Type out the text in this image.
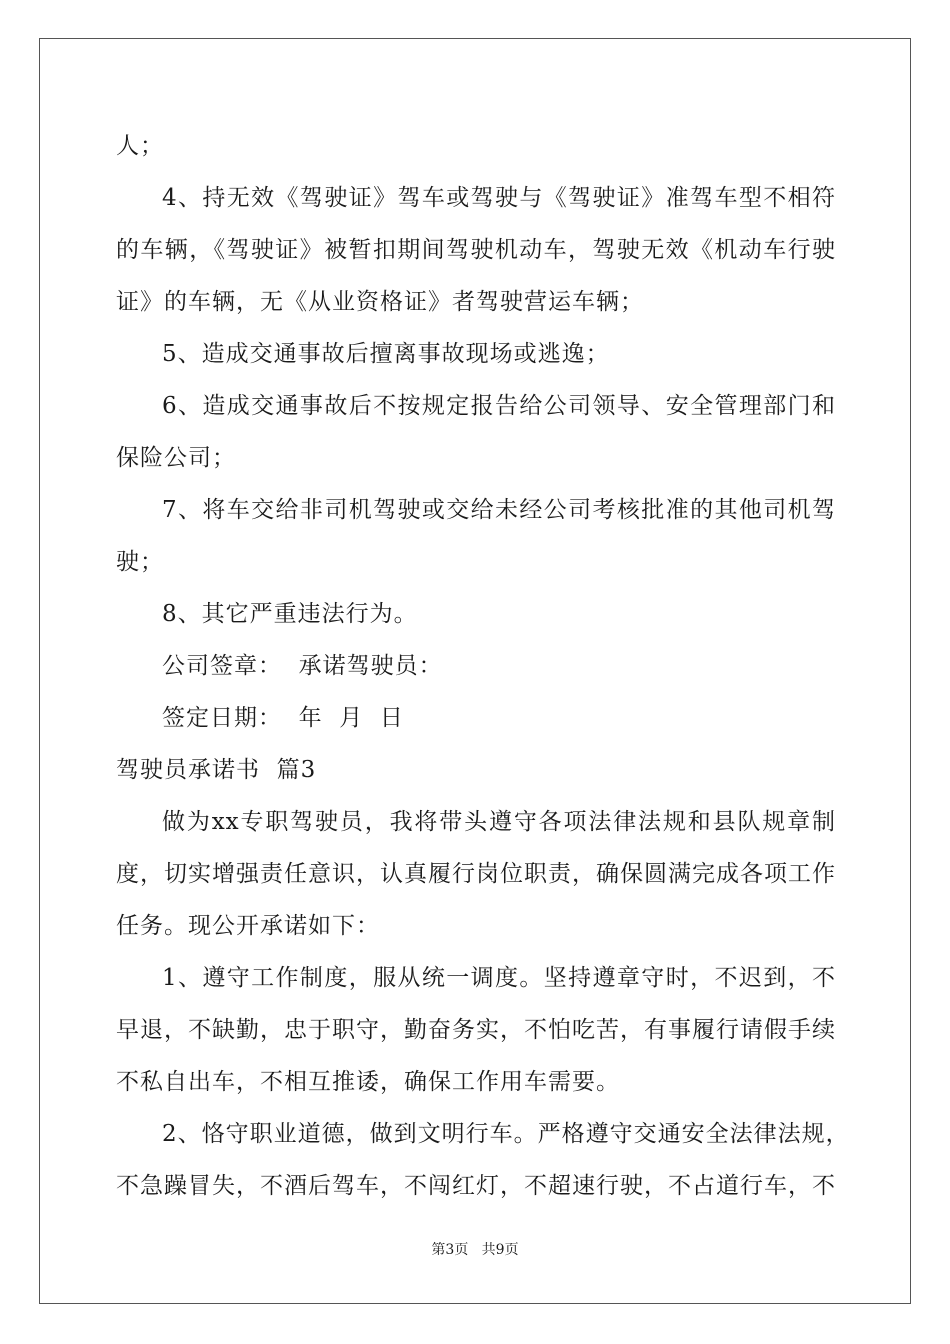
人；
4、持无效《驾驶证》驾车或驾驶与《驾驶证》准驾车型不相符
的车辆，《驾驶证》被暂扣期间驾驶机动车，驾驶无效《机动车行驶
证》的车辆，无《从业资格证》者驾驶营运车辆；
5、造成交通事故后擅离事故现场或逃逸；
6、造成交通事故后不按规定报告给公司领导、安全管理部门和
保险公司；
7、将车交给非司机驾驶或交给未经公司考核批准的其他司机驾
驶；
8、其它严重违法行为。
公司签章：  承诺驾驶员：
签定日期：  年  月  日
驾驶员承诺书  篇3
做为xx专职驾驶员，我将带头遵守各项法律法规和县队规章制
度，切实增强责任意识，认真履行岗位职责，确保圆满完成各项工作
任务。现公开承诺如下：
1、遵守工作制度，服从统一调度。坚持遵章守时，不迟到，不
早退，不缺勤，忠于职守，勤奋务实，不怕吃苦，有事履行请假手续
不私自出车，不相互推诿，确保工作用车需要。
2、恪守职业道德，做到文明行车。严格遵守交通安全法律法规，
不急躁冒失，不酒后驾车，不闯红灯，不超速行驶，不占道行车，不
第3页   共9页
